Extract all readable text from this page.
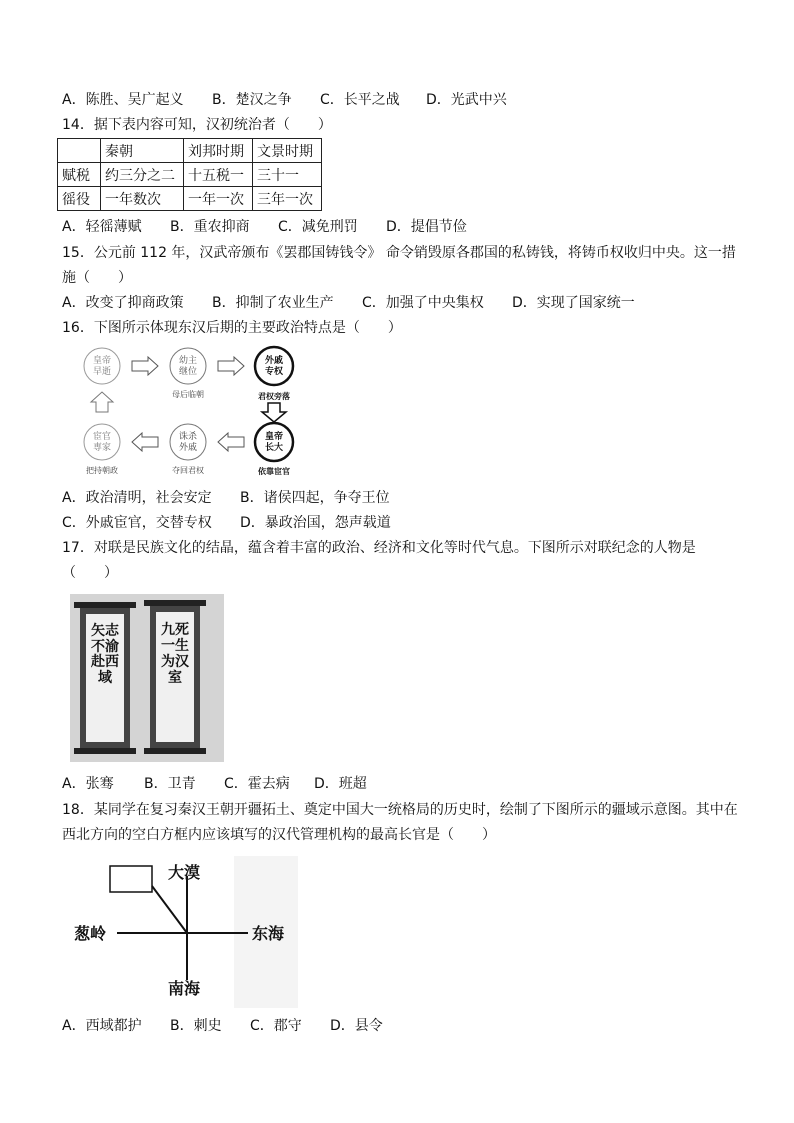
A．陈胜、吴广起义 B．楚汉之争 C．长平之战 D．光武中兴
14．据下表内容可知，汉初统治者（　　）
	秦朝	刘邦时期	文景时期
赋税	约三分之二	十五税一	三十一
徭役	一年数次	一年一次	三年一次
A．轻徭薄赋 B．重农抑商 C．减免刑罚 D．提倡节俭
15．公元前 112 年，汉武帝颁布《罢郡国铸钱令》 命令销毁原各郡国的私铸钱，将铸币权收归中央。这一措
施（　　）
A．改变了抑商政策 B．抑制了农业生产 C．加强了中央集权 D．实现了国家统一
16．下图所示体现东汉后期的主要政治特点是（　　）
皇帝早逝
幼主继位
外戚专权
母后临朝	君权旁落
宦官専家
诛杀外戚
皇帝长大
依靠宦官
夺回君权
把持朝政
A．政治清明，社会安定 B．诸侯四起，争夺王位
C．外戚宦官，交替专权 D．暴政治国，怨声载道
17．对联是民族文化的结晶，蕴含着丰富的政治、经济和文化等时代气息。下图所示对联纪念的人物是
（　　）
矢志不渝赴西域
九死一生为汉室
A．张骞 B．卫青 C．霍去病 D．班超
18．某同学在复习秦汉王朝开疆拓土、奠定中国大一统格局的历史时，绘制了下图所示的疆域示意图。其中在
西北方向的空白方框内应该填写的汉代管理机构的最高长官是（　　）
大漠
葱岭	东海
南海
A．西域都护 B．刺史 C．郡守 D．县令
